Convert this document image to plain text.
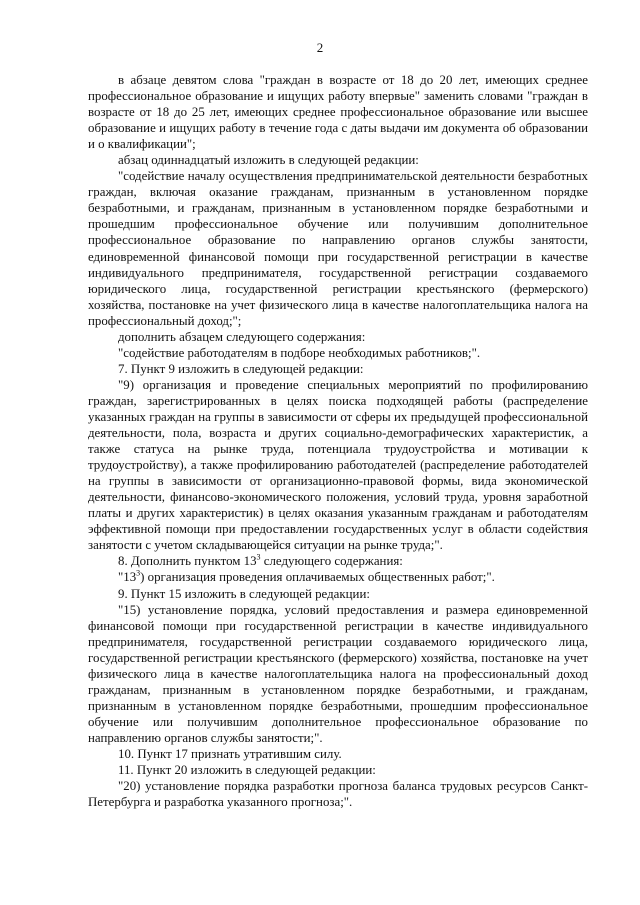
2

в абзаце девятом слова "граждан в возрасте от 18 до 20 лет, имеющих среднее профессиональное образование и ищущих работу впервые" заменить словами "граждан в возрасте от 18 до 25 лет, имеющих среднее профессиональное образование или высшее образование и ищущих работу в течение года с даты выдачи им документа об образовании и о квалификации";

абзац одиннадцатый изложить в следующей редакции:

"содействие началу осуществления предпринимательской деятельности безработных граждан, включая оказание гражданам, признанным в установленном порядке безработными, и гражданам, признанным в установленном порядке безработными и прошедшим профессиональное обучение или получившим дополнительное профессиональное образование по направлению органов службы занятости, единовременной финансовой помощи при государственной регистрации в качестве индивидуального предпринимателя, государственной регистрации создаваемого юридического лица, государственной регистрации крестьянского (фермерского) хозяйства, постановке на учет физического лица в качестве налогоплательщика налога на профессиональный доход;";

дополнить абзацем следующего содержания:

"содействие работодателям в подборе необходимых работников;".

7. Пункт 9 изложить в следующей редакции:

"9) организация и проведение специальных мероприятий по профилированию граждан, зарегистрированных в целях поиска подходящей работы (распределение указанных граждан на группы в зависимости от сферы их предыдущей профессиональной деятельности, пола, возраста и других социально-демографических характеристик, а также статуса на рынке труда, потенциала трудоустройства и мотивации к трудоустройству), а также профилированию работодателей (распределение работодателей на группы в зависимости от организационно-правовой формы, вида экономической деятельности, финансово-экономического положения, условий труда, уровня заработной платы и других характеристик) в целях оказания указанным гражданам и работодателям эффективной помощи при предоставлении государственных услуг в области содействия занятости с учетом складывающейся ситуации на рынке труда;".

8. Дополнить пунктом $13^3$ следующего содержания:

"$13^3$) организация проведения оплачиваемых общественных работ;".

9. Пункт 15 изложить в следующей редакции:

"15) установление порядка, условий предоставления и размера единовременной финансовой помощи при государственной регистрации в качестве индивидуального предпринимателя, государственной регистрации создаваемого юридического лица, государственной регистрации крестьянского (фермерского) хозяйства, постановке на учет физического лица в качестве налогоплательщика налога на профессиональный доход гражданам, признанным в установленном порядке безработными, и гражданам, признанным в установленном порядке безработными, прошедшим профессиональное обучение или получившим дополнительное профессиональное образование по направлению органов службы занятости;".

10. Пункт 17 признать утратившим силу.

11. Пункт 20 изложить в следующей редакции:

"20) установление порядка разработки прогноза баланса трудовых ресурсов Санкт-Петербурга и разработка указанного прогноза;".
